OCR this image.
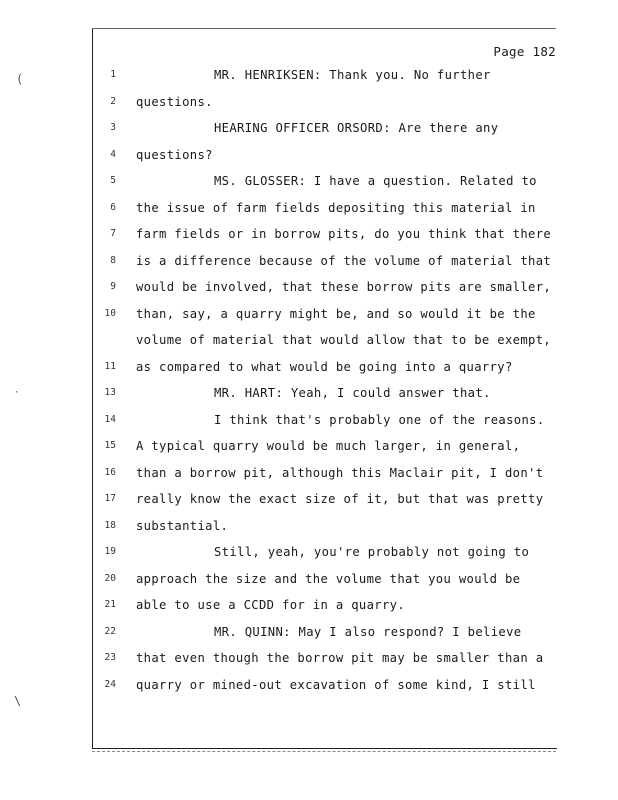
(
·
\
Page 182
1	MR. HENRIKSEN: Thank you. No further
2 questions.
3	HEARING OFFICER ORSORD: Are there any
4 questions?
5	MS. GLOSSER: I have a question. Related to
6 the issue of farm fields depositing this material in
7 farm fields or in borrow pits, do you think that there
8 is a difference because of the volume of material that
9 would be involved, that these borrow pits are smaller,
10 than, say, a quarry might be, and so would it be the
volume of material that would allow that to be exempt,
11 as compared to what would be going into a quarry?
13	MR. HART: Yeah, I could answer that.
14	I think that's probably one of the reasons.
15 A typical quarry would be much larger, in general,
16 than a borrow pit, although this Maclair pit, I don't
17 really know the exact size of it, but that was pretty
18 substantial.
19	Still, yeah, you're probably not going to
20 approach the size and the volume that you would be
21 able to use a CCDD for in a quarry.
22	MR. QUINN: May I also respond? I believe
23 that even though the borrow pit may be smaller than a
24 quarry or mined-out excavation of some kind, I still
